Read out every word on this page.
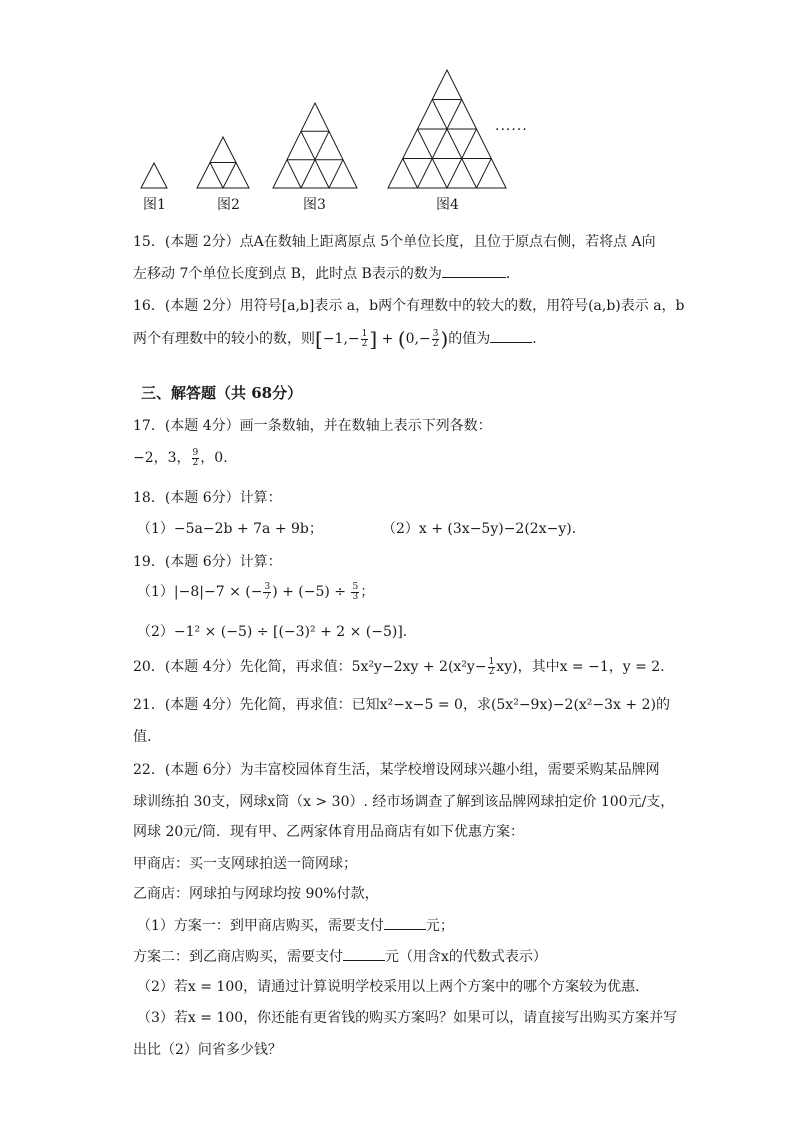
图1	图2	图3	图4
......
15．(本题 2分）点A在数轴上距离原点 5个单位长度，且位于原点右侧，若将点 A向
左移动 7个单位长度到点 B，此时点 B表示的数为	.
16．(本题 2分）用符号[a,b]表示 a，b两个有理数中的较大的数，用符号(a,b)表示 a，b
两个有理数中的较小的数，则[$-1,- \frac{1}{2}$ ] + ($0,- \frac{3}{2}$ )的值为	.
三、解答题（共 68分）
17．(本题 4分）画一条数轴，并在数轴上表示下列各数：
−2，3， $\frac{9}{2}$ ，0.
18．(本题 6分）计算：
（1）−5a−2b + 7a + 9b；	（2）x + (3x−5y)−2(2x−y).
19．(本题 6分）计算：
（1）|−8|−7 × (− $\frac{3}{7}$ ) + $(-5) \div \frac{5}{3}$ ；
（2）−1² × (−5) ÷ [(−3)² + 2 × (−5)].
20．(本题 4分）先化简，再求值：$5x^2y-2xy + 2(x^2y- \frac{1}{2} xy)$，其中x = −1，y = 2.
21．(本题 4分）先化简，再求值：已知x²−x−5 = 0，求(5x²−9x)−2(x²−3x + 2)的
值.
22．(本题 6分）为丰富校园体育生活，某学校增设网球兴趣小组，需要采购某品牌网
球训练拍 30支，网球x筒（x > 30）. 经市场调查了解到该品牌网球拍定价 100元/支，
网球 20元/筒．现有甲、乙两家体育用品商店有如下优惠方案：
甲商店：买一支网球拍送一筒网球；
乙商店：网球拍与网球均按 90%付款，
（1）方案一：到甲商店购买，需要支付	元；
方案二：到乙商店购买，需要支付	元（用含x的代数式表示）
（2）若x = 100，请通过计算说明学校采用以上两个方案中的哪个方案较为优惠.
（3）若x = 100，你还能有更省钱的购买方案吗？如果可以，请直接写出购买方案并写
出比（2）问省多少钱？
